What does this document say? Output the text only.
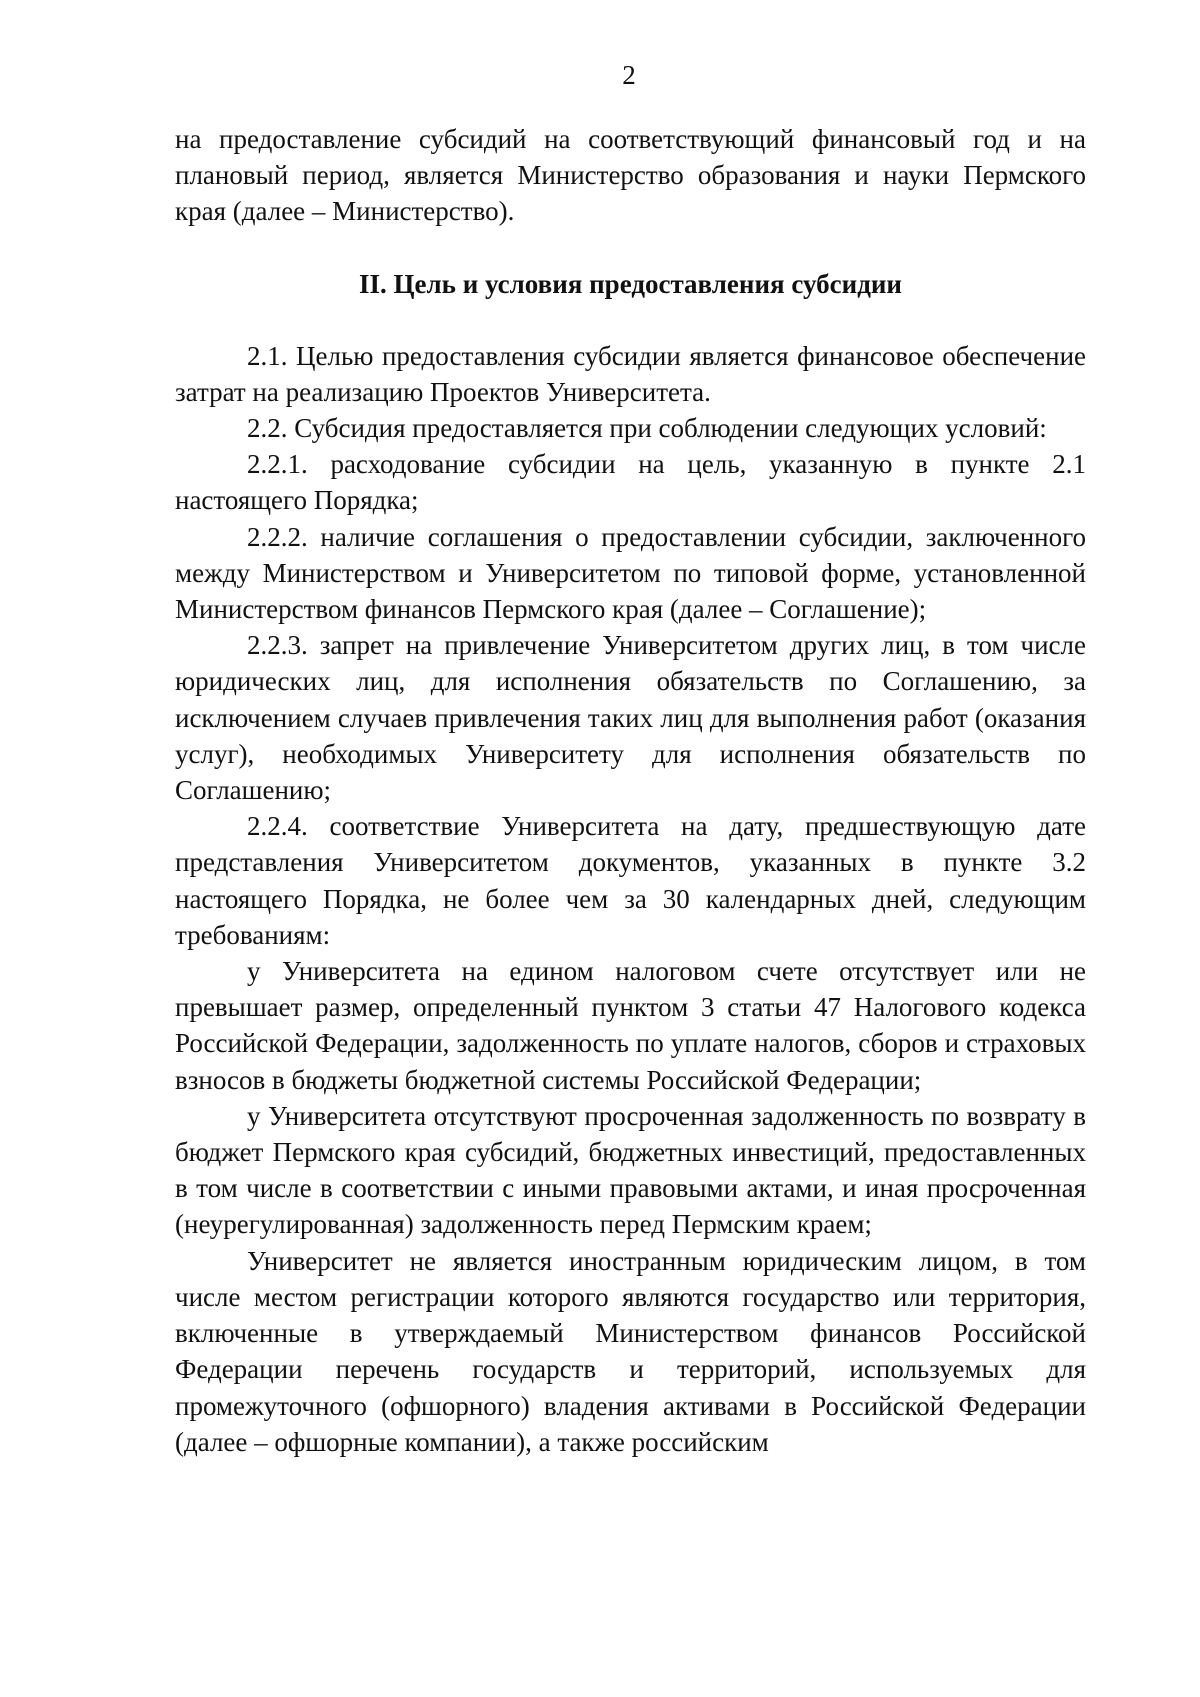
2

на предоставление субсидий на соответствующий финансовый год и на плановый период, является Министерство образования и науки Пермского края (далее – Министерство).

II. Цель и условия предоставления субсидии

2.1. Целью предоставления субсидии является финансовое обеспечение затрат на реализацию Проектов Университета.

2.2. Субсидия предоставляется при соблюдении следующих условий:

2.2.1. расходование субсидии на цель, указанную в пункте 2.1 настоящего Порядка;

2.2.2. наличие соглашения о предоставлении субсидии, заключенного между Министерством и Университетом по типовой форме, установленной Министерством финансов Пермского края (далее – Соглашение);

2.2.3. запрет на привлечение Университетом других лиц, в том числе юридических лиц, для исполнения обязательств по Соглашению, за исключением случаев привлечения таких лиц для выполнения работ (оказания услуг), необходимых Университету для исполнения обязательств по Соглашению;

2.2.4. соответствие Университета на дату, предшествующую дате представления Университетом документов, указанных в пункте 3.2 настоящего Порядка, не более чем за 30 календарных дней, следующим требованиям:

у Университета на едином налоговом счете отсутствует или не превышает размер, определенный пунктом 3 статьи 47 Налогового кодекса Российской Федерации, задолженность по уплате налогов, сборов и страховых взносов в бюджеты бюджетной системы Российской Федерации;

у Университета отсутствуют просроченная задолженность по возврату в бюджет Пермского края субсидий, бюджетных инвестиций, предоставленных в том числе в соответствии с иными правовыми актами, и иная просроченная (неурегулированная) задолженность перед Пермским краем;

Университет не является иностранным юридическим лицом, в том числе местом регистрации которого являются государство или территория, включенные в утверждаемый Министерством финансов Российской Федерации перечень государств и территорий, используемых для промежуточного (офшорного) владения активами в Российской Федерации (далее – офшорные компании), а также российским
